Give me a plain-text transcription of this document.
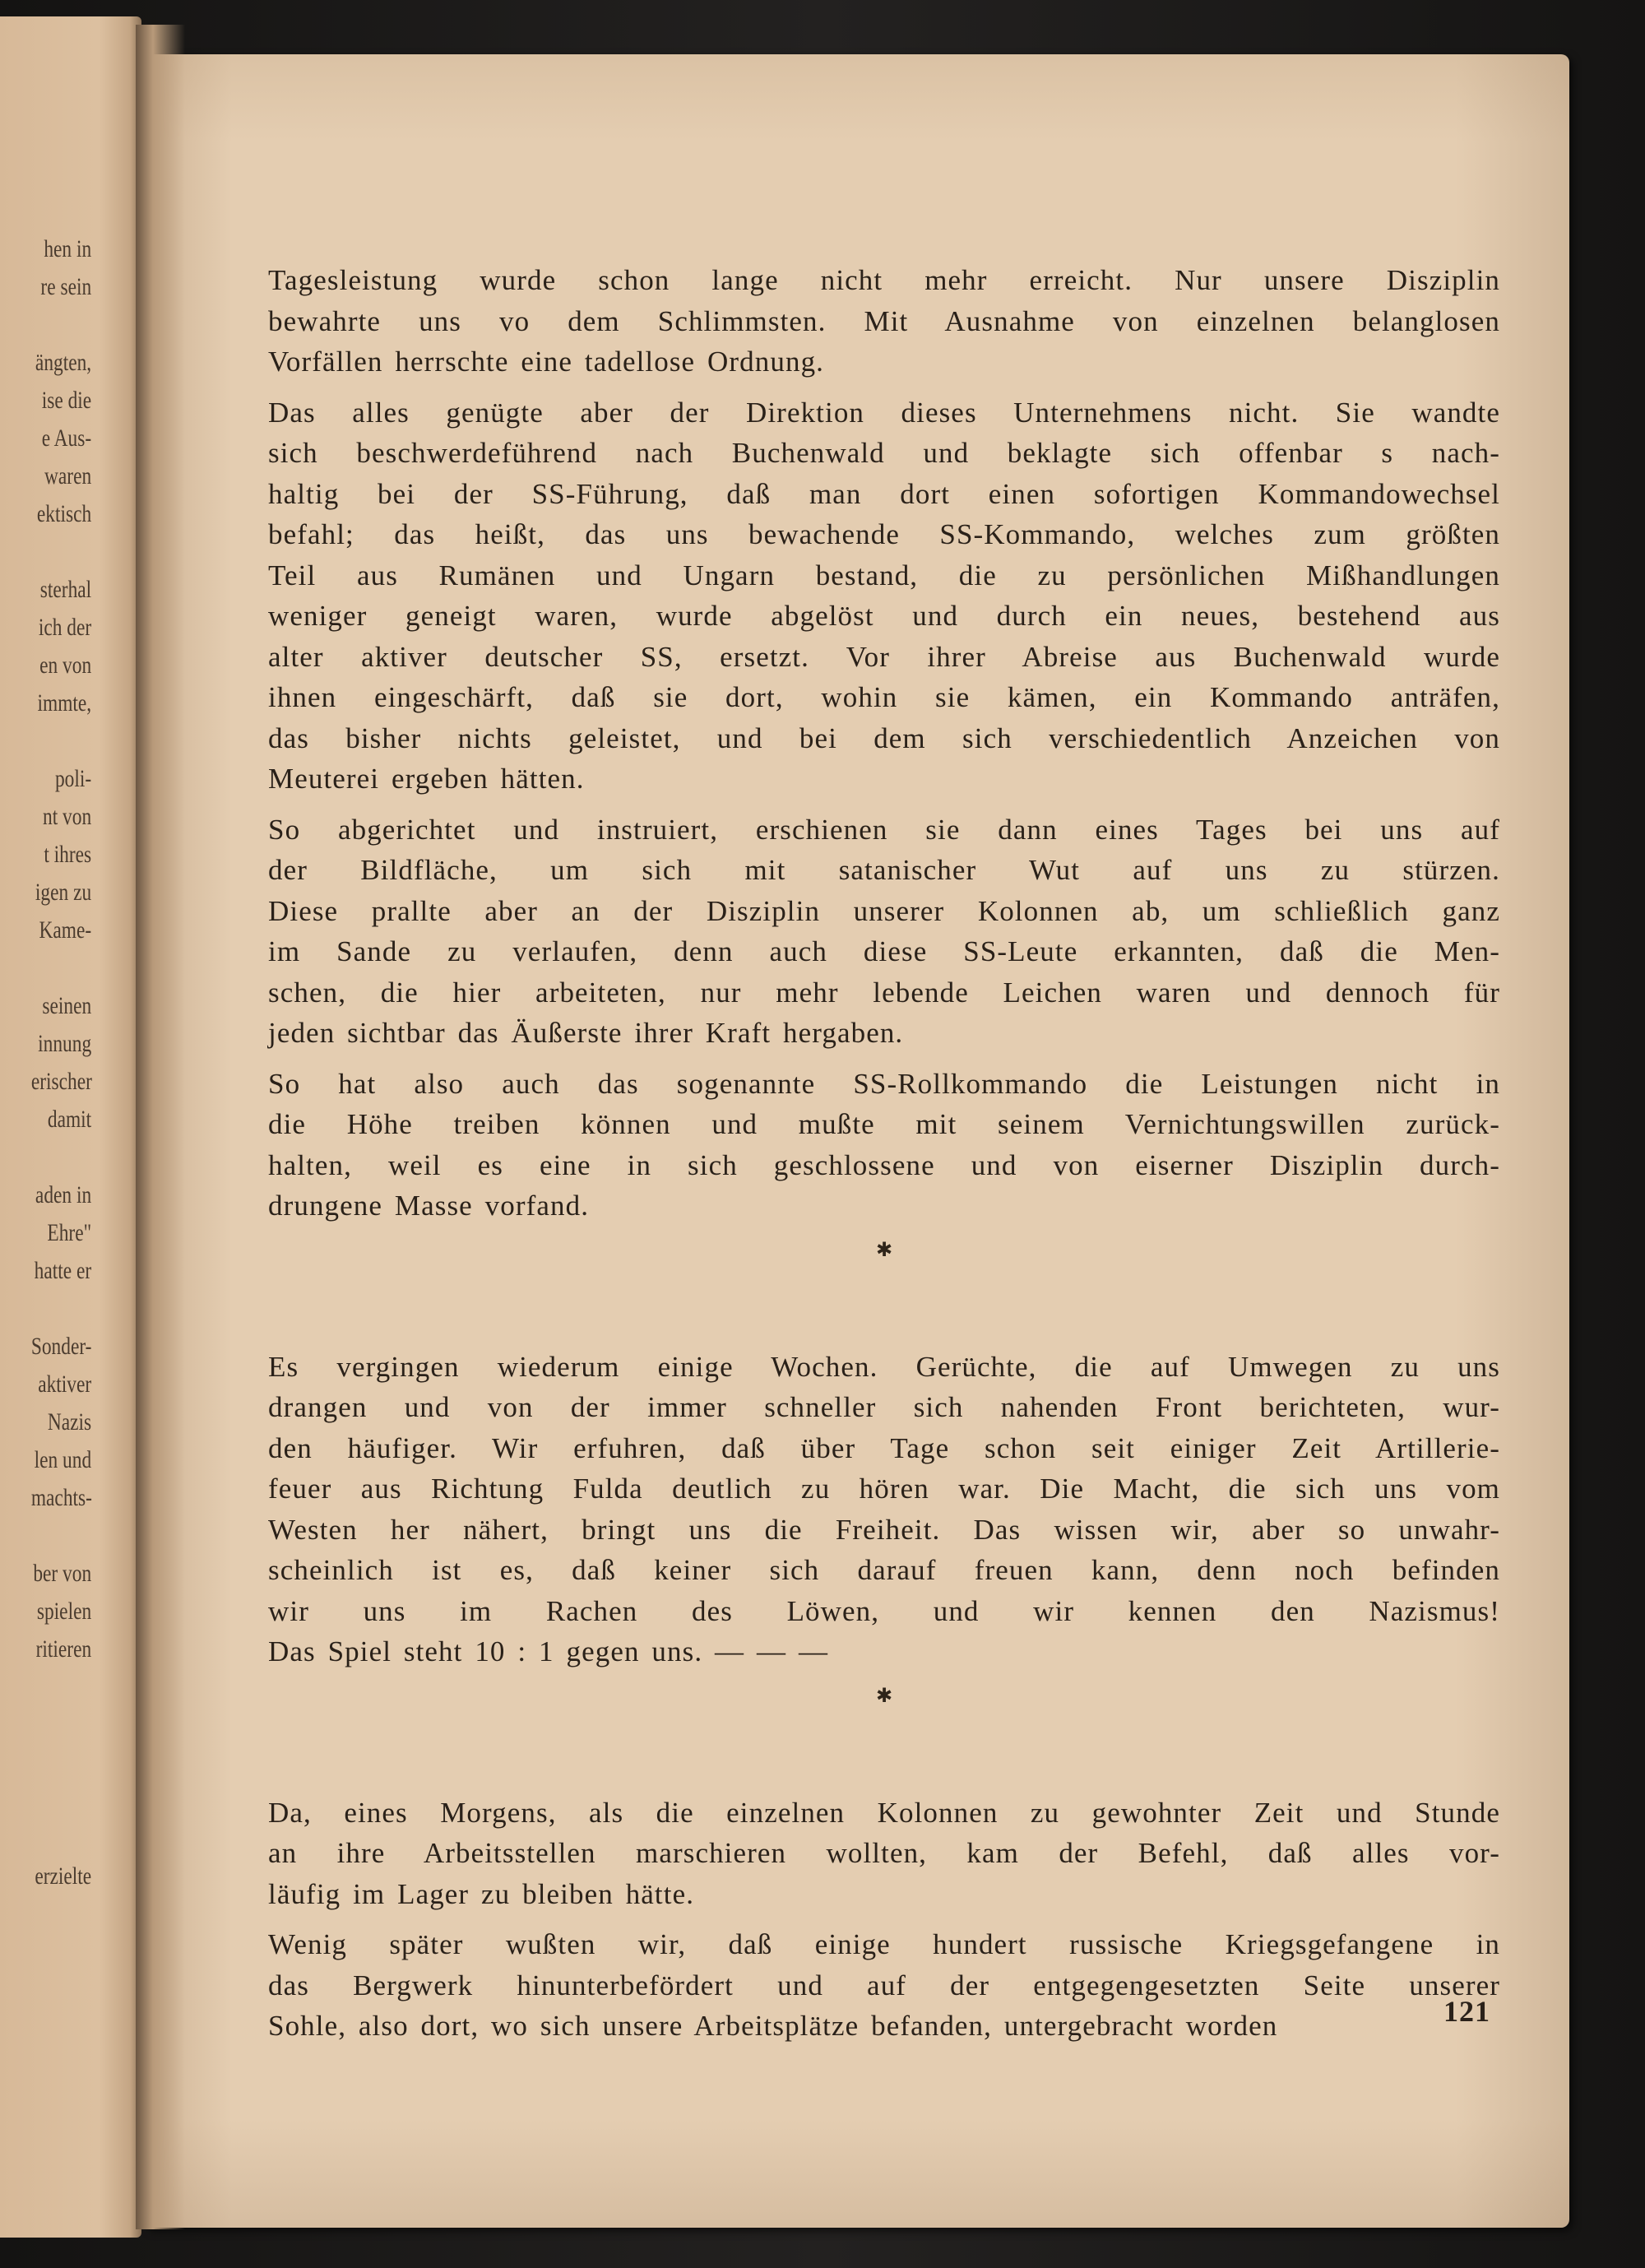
hen in
re sein

ängten,
ise die
e Aus-
waren
ektisch

sterhal
ich der
en von
immte,

poli-
nt von
t ihres
igen zu
Kame-

seinen
innung
erischer
damit

aden in
Ehre"
hatte er

Sonder-
aktiver
Nazis
len und
machts-

ber von
spielen
ritieren

erzielte

Tagesleistung wurde schon lange nicht mehr erreicht. Nur unsere Disziplin
bewahrte uns vo dem Schlimmsten. Mit Ausnahme von einzelnen belanglosen
Vorfällen herrschte eine tadellose Ordnung.

Das alles genügte aber der Direktion dieses Unternehmens nicht. Sie wandte
sich beschwerdeführend nach Buchenwald und beklagte sich offenbar s nach-
haltig bei der SS-Führung, daß man dort einen sofortigen Kommandowechsel
befahl; das heißt, das uns bewachende SS-Kommando, welches zum größten
Teil aus Rumänen und Ungarn bestand, die zu persönlichen Mißhandlungen
weniger geneigt waren, wurde abgelöst und durch ein neues, bestehend aus
alter aktiver deutscher SS, ersetzt. Vor ihrer Abreise aus Buchenwald wurde
ihnen eingeschärft, daß sie dort, wohin sie kämen, ein Kommando anträfen,
das bisher nichts geleistet, und bei dem sich verschiedentlich Anzeichen von
Meuterei ergeben hätten.

So abgerichtet und instruiert, erschienen sie dann eines Tages bei uns auf
der Bildfläche, um sich mit satanischer Wut auf uns zu stürzen.
Diese prallte aber an der Disziplin unserer Kolonnen ab, um schließlich ganz
im Sande zu verlaufen, denn auch diese SS-Leute erkannten, daß die Men-
schen, die hier arbeiteten, nur mehr lebende Leichen waren und dennoch für
jeden sichtbar das Äußerste ihrer Kraft hergaben.

So hat also auch das sogenannte SS-Rollkommando die Leistungen nicht in
die Höhe treiben können und mußte mit seinem Vernichtungswillen zurück-
halten, weil es eine in sich geschlossene und von eiserner Disziplin durch-
drungene Masse vorfand.

✱

Es vergingen wiederum einige Wochen. Gerüchte, die auf Umwegen zu uns
drangen und von der immer schneller sich nahenden Front berichteten, wur-
den häufiger. Wir erfuhren, daß über Tage schon seit einiger Zeit Artillerie-
feuer aus Richtung Fulda deutlich zu hören war. Die Macht, die sich uns vom
Westen her nähert, bringt uns die Freiheit. Das wissen wir, aber so unwahr-
scheinlich ist es, daß keiner sich darauf freuen kann, denn noch befinden
wir uns im Rachen des Löwen, und wir kennen den Nazismus!
Das Spiel steht 10 : 1 gegen uns. — — —

✱

Da, eines Morgens, als die einzelnen Kolonnen zu gewohnter Zeit und Stunde
an ihre Arbeitsstellen marschieren wollten, kam der Befehl, daß alles vor-
läufig im Lager zu bleiben hätte.

Wenig später wußten wir, daß einige hundert russische Kriegsgefangene in
das Bergwerk hinunterbefördert und auf der entgegengesetzten Seite unserer
Sohle, also dort, wo sich unsere Arbeitsplätze befanden, untergebracht worden	121
